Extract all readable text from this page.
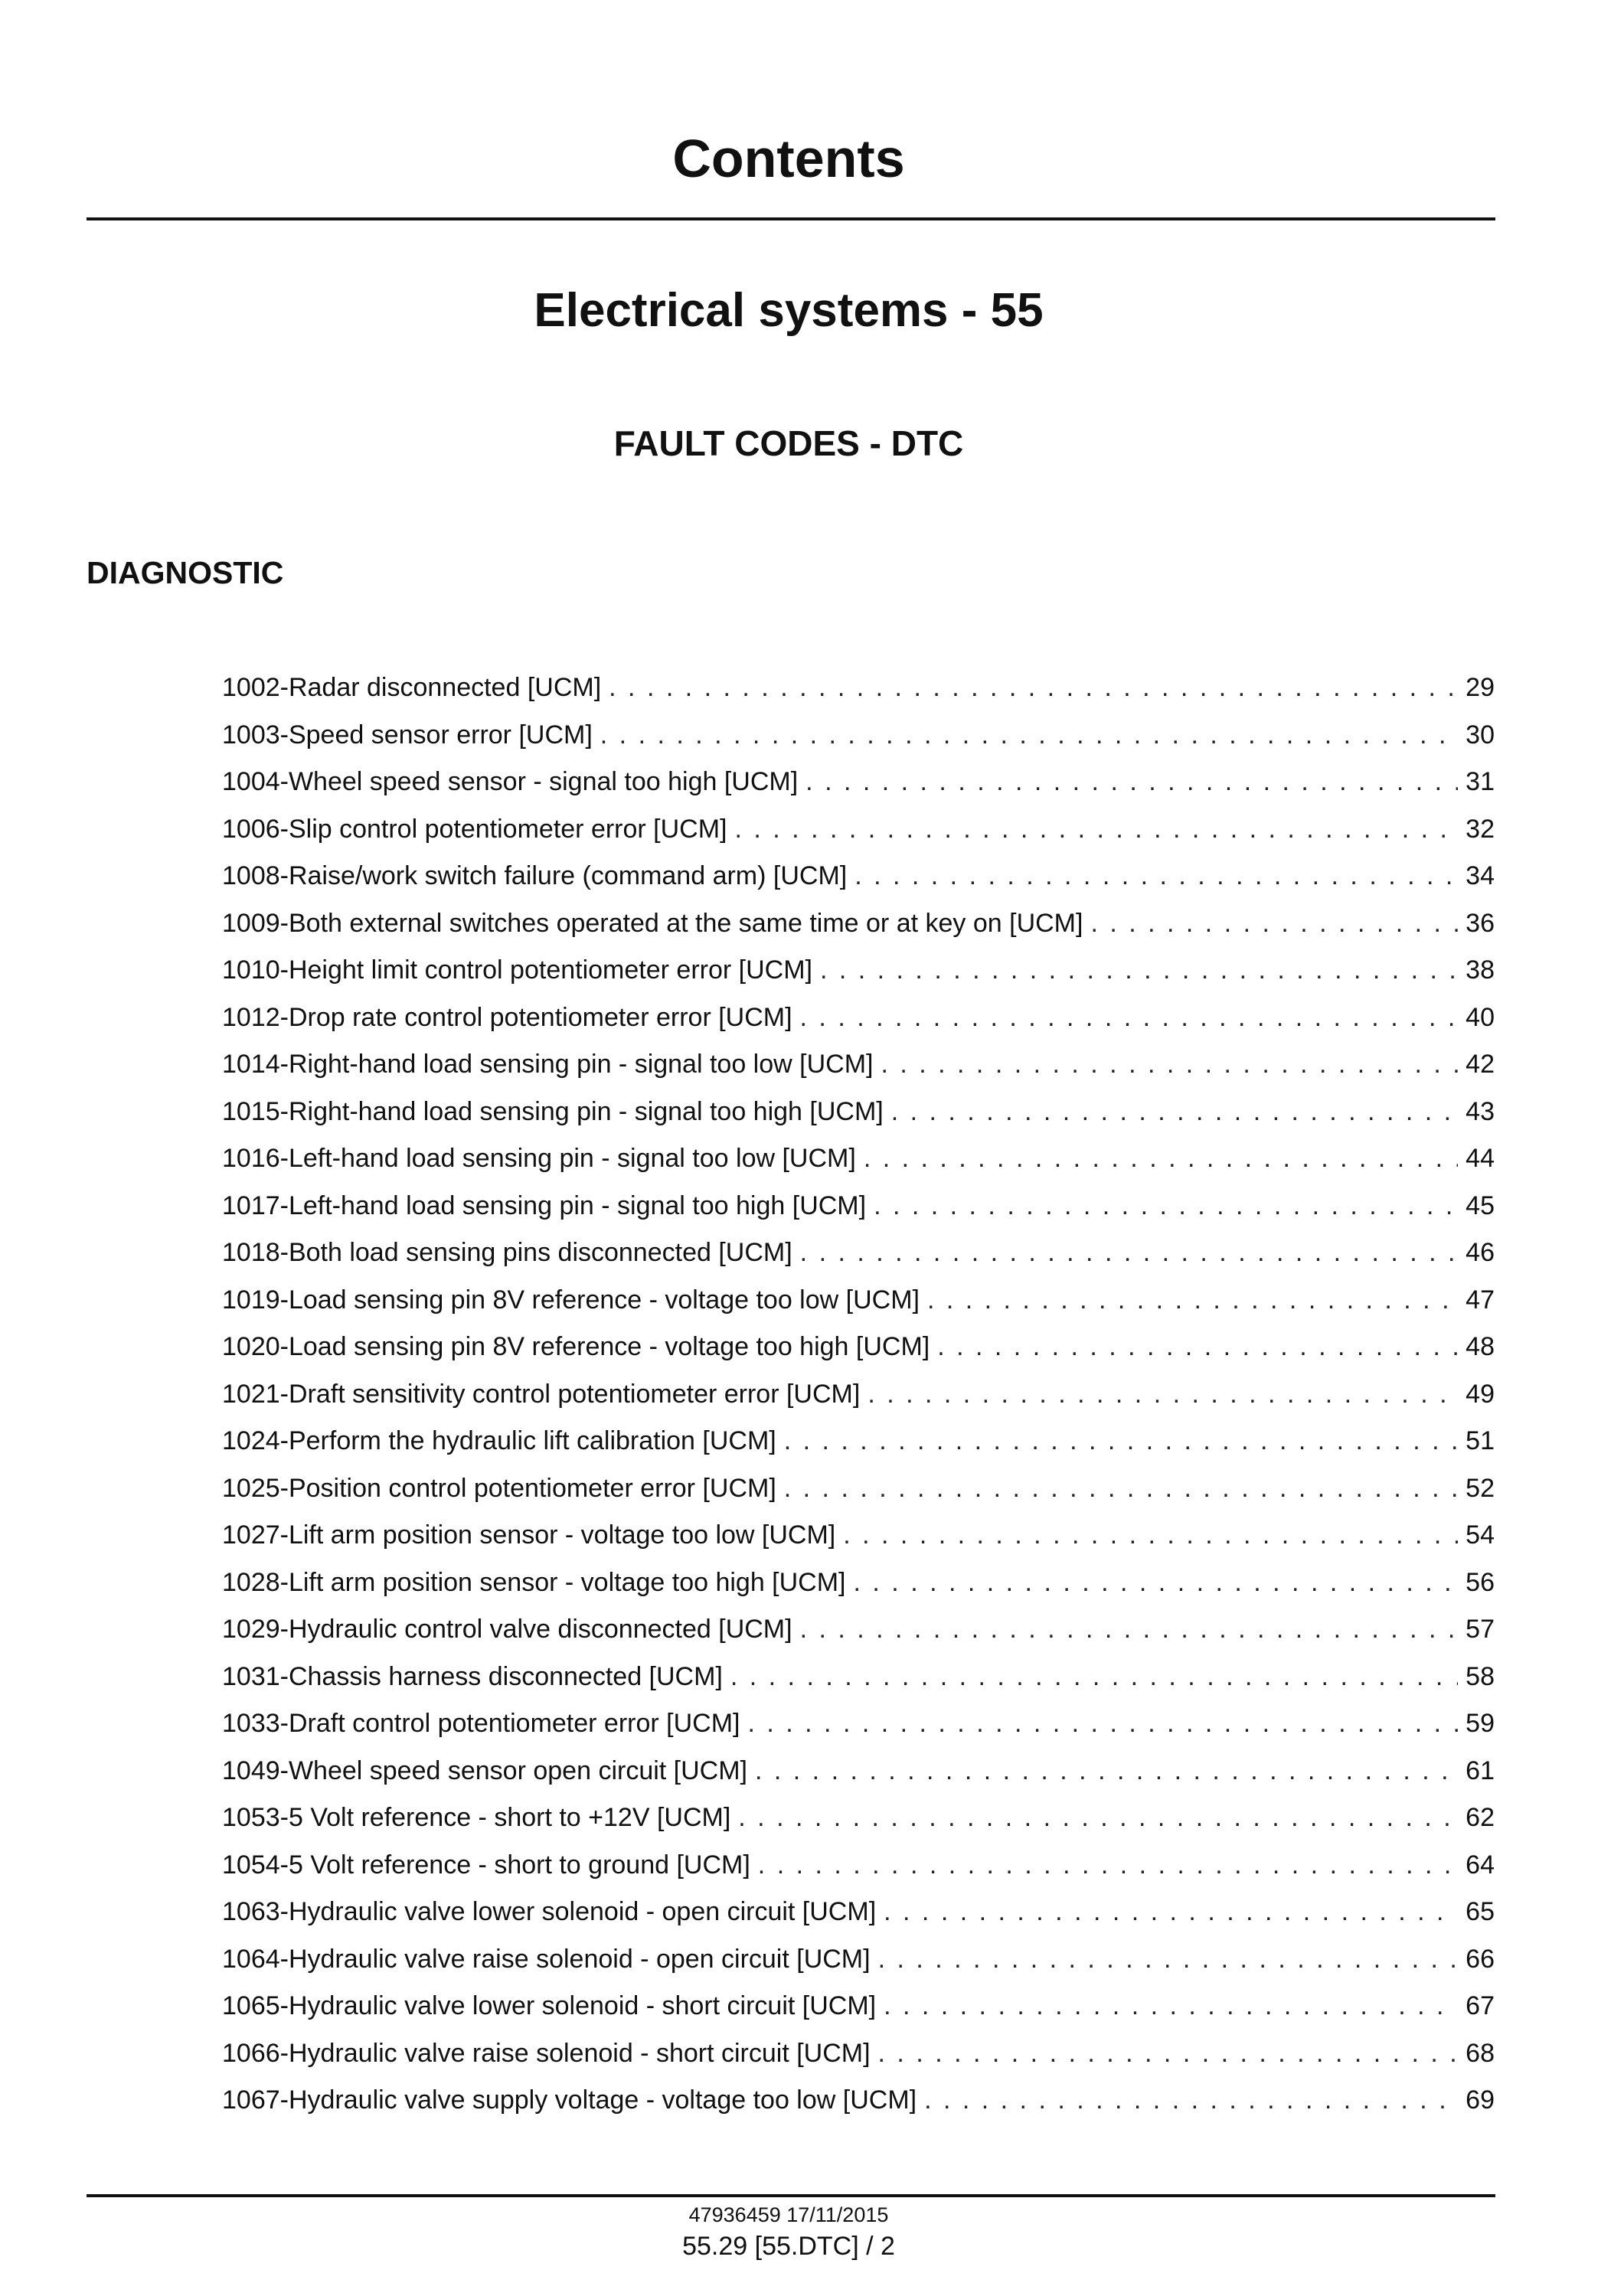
Contents
Electrical systems - 55
FAULT CODES - DTC
DIAGNOSTIC
1002-Radar disconnected [UCM] . . .	29
1003-Speed sensor error [UCM] . . .	30
1004-Wheel speed sensor - signal too high [UCM] . . .	31
1006-Slip control potentiometer error [UCM] . . .	32
1008-Raise/work switch failure (command arm) [UCM] . . .	34
1009-Both external switches operated at the same time or at key on [UCM] . . .	36
1010-Height limit control potentiometer error [UCM] . . .	38
1012-Drop rate control potentiometer error [UCM] . . .	40
1014-Right-hand load sensing pin - signal too low [UCM] . . .	42
1015-Right-hand load sensing pin - signal too high [UCM] . . .	43
1016-Left-hand load sensing pin - signal too low [UCM] . . .	44
1017-Left-hand load sensing pin - signal too high [UCM] . . .	45
1018-Both load sensing pins disconnected [UCM] . . .	46
1019-Load sensing pin 8V reference - voltage too low [UCM] . . .	47
1020-Load sensing pin 8V reference - voltage too high [UCM] . . .	48
1021-Draft sensitivity control potentiometer error [UCM] . . .	49
1024-Perform the hydraulic lift calibration [UCM] . . .	51
1025-Position control potentiometer error [UCM] . . .	52
1027-Lift arm position sensor - voltage too low [UCM] . . .	54
1028-Lift arm position sensor - voltage too high [UCM] . . .	56
1029-Hydraulic control valve disconnected [UCM] . . .	57
1031-Chassis harness disconnected [UCM] . . .	58
1033-Draft control potentiometer error [UCM] . . .	59
1049-Wheel speed sensor open circuit [UCM] . . .	61
1053-5 Volt reference - short to +12V [UCM] . . .	62
1054-5 Volt reference - short to ground [UCM] . . .	64
1063-Hydraulic valve lower solenoid - open circuit [UCM] . . .	65
1064-Hydraulic valve raise solenoid - open circuit [UCM] . . .	66
1065-Hydraulic valve lower solenoid - short circuit [UCM] . . .	67
1066-Hydraulic valve raise solenoid - short circuit [UCM] . . .	68
1067-Hydraulic valve supply voltage - voltage too low [UCM] . . .	69
47936459 17/11/2015
55.29 [55.DTC] / 2
